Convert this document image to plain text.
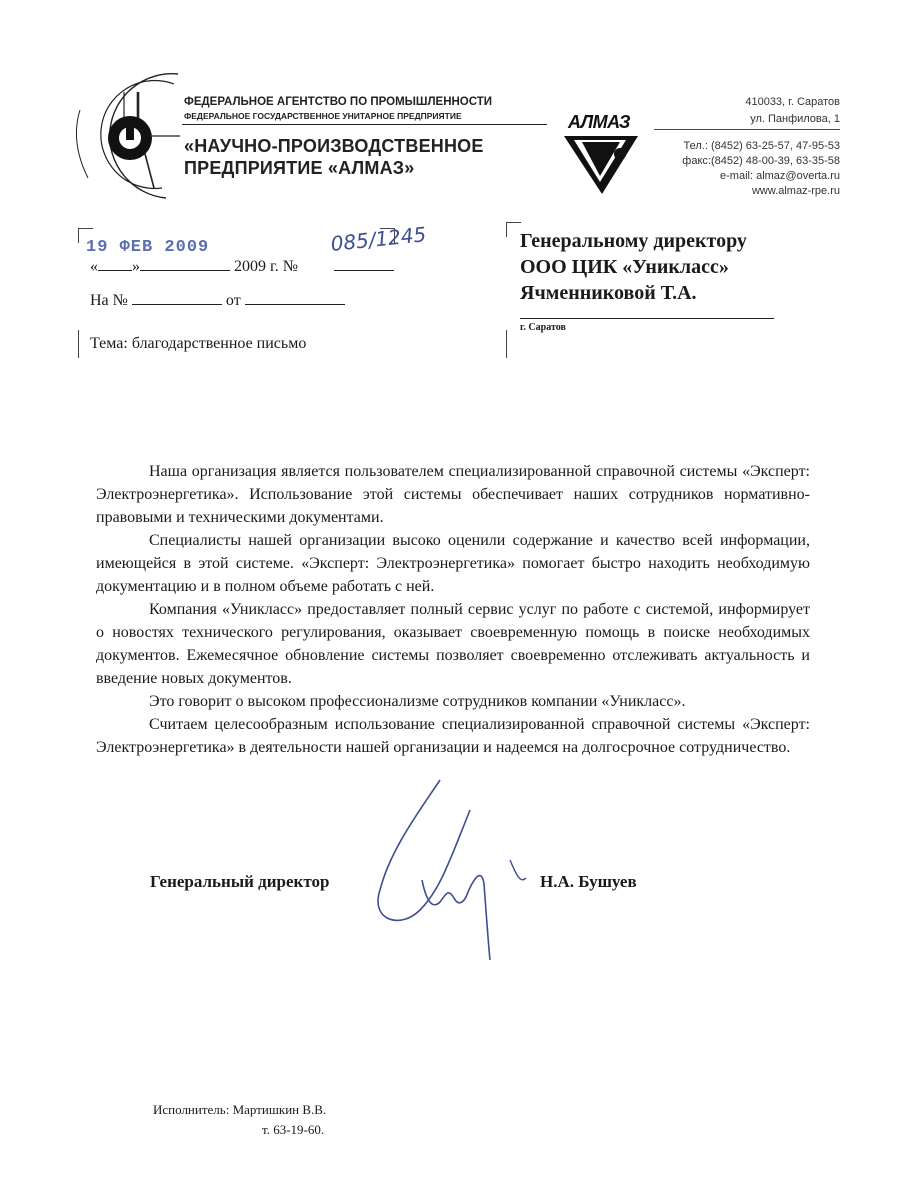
ФЕДЕРАЛЬНОЕ АГЕНТСТВО ПО ПРОМЫШЛЕННОСТИ
ФЕДЕРАЛЬНОЕ ГОСУДАРСТВЕННОЕ УНИТАРНОЕ ПРЕДПРИЯТИЕ
«НАУЧНО-ПРОИЗВОДСТВЕННОЕ
ПРЕДПРИЯТИЕ «АЛМАЗ»
АЛМАЗ
410033, г. Саратов
ул. Панфилова, 1
Тел.: (8452) 63-25-57, 47-95-53
факс:(8452) 48-00-39, 63-35-58
e-mail: almaz@overta.ru
www.almaz-rpe.ru
19 ФЕВ 2009
« »	2009 г. №
085/1245
На №	от
Тема: благодарственное письмо
Генеральному директору
ООО ЦИК «Уникласс»
Ячменниковой Т.А.
г. Саратов

Наша организация является пользователем специализированной справочной системы «Эксперт: Электроэнергетика». Использование этой системы обеспечивает наших сотрудников нормативно-правовыми и техническими документами.

Специалисты нашей организации высоко оценили содержание и качество всей информации, имеющейся в этой системе. «Эксперт: Электроэнергетика» помогает быстро находить необходимую документацию и в полном объеме работать с ней.

Компания «Уникласс» предоставляет полный сервис услуг по работе с системой, информирует о новостях технического регулирования, оказывает своевременную помощь в поиске необходимых документов. Ежемесячное обновление системы позволяет своевременно отслеживать актуальность и введение новых документов.

Это говорит о высоком профессионализме сотрудников компании «Уникласс».

Считаем целесообразным использование специализированной справочной системы «Эксперт: Электроэнергетика» в деятельности нашей организации и надеемся на долгосрочное сотрудничество.

Генеральный директор	Н.А. Бушуев
Исполнитель: Мартишкин В.В.
т. 63-19-60.
